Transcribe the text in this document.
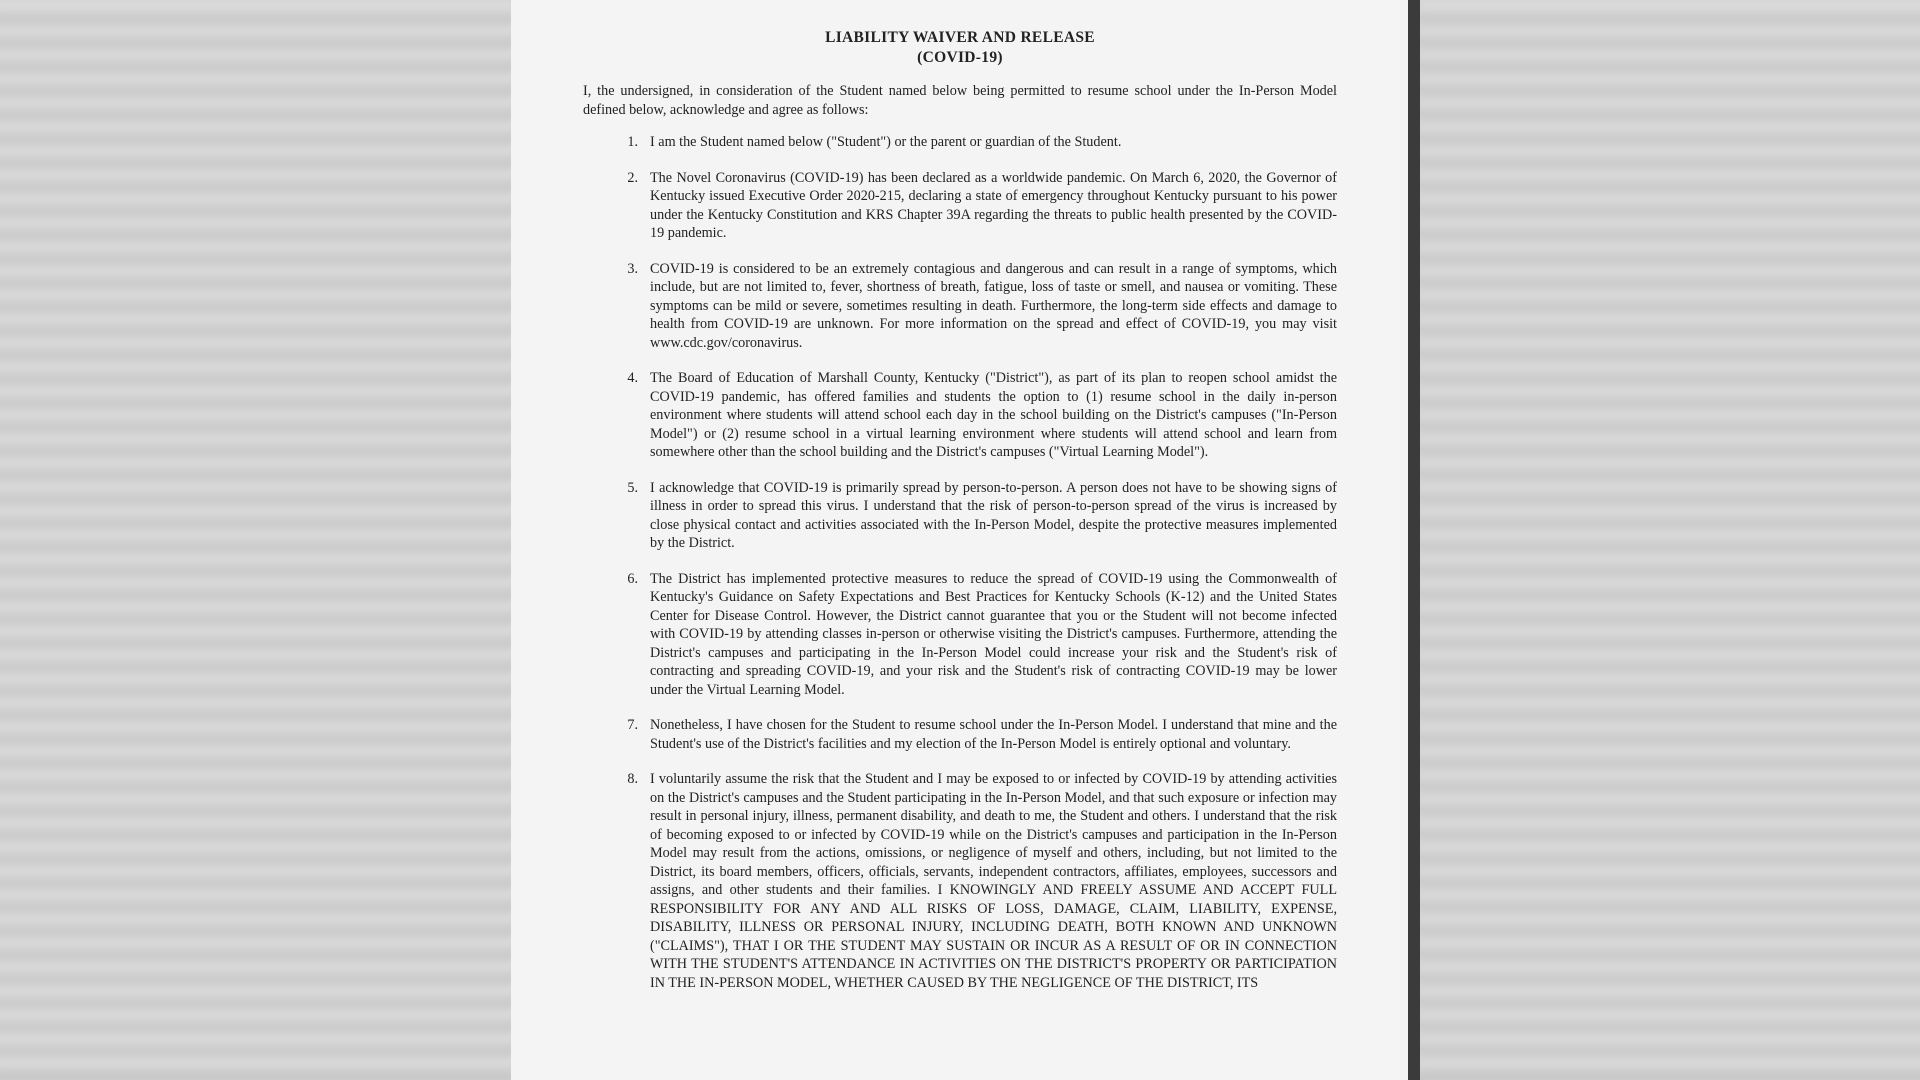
LIABILITY WAIVER AND RELEASE
(COVID-19)
I, the undersigned, in consideration of the Student named below being permitted to resume school under the In-Person Model defined below, acknowledge and agree as follows:
1. I am the Student named below ("Student") or the parent or guardian of the Student.
2. The Novel Coronavirus (COVID-19) has been declared as a worldwide pandemic. On March 6, 2020, the Governor of Kentucky issued Executive Order 2020-215, declaring a state of emergency throughout Kentucky pursuant to his power under the Kentucky Constitution and KRS Chapter 39A regarding the threats to public health presented by the COVID-19 pandemic.
3. COVID-19 is considered to be an extremely contagious and dangerous and can result in a range of symptoms, which include, but are not limited to, fever, shortness of breath, fatigue, loss of taste or smell, and nausea or vomiting. These symptoms can be mild or severe, sometimes resulting in death. Furthermore, the long-term side effects and damage to health from COVID-19 are unknown. For more information on the spread and effect of COVID-19, you may visit www.cdc.gov/coronavirus.
4. The Board of Education of Marshall County, Kentucky ("District"), as part of its plan to reopen school amidst the COVID-19 pandemic, has offered families and students the option to (1) resume school in the daily in-person environment where students will attend school each day in the school building on the District's campuses ("In-Person Model") or (2) resume school in a virtual learning environment where students will attend school and learn from somewhere other than the school building and the District's campuses ("Virtual Learning Model").
5. I acknowledge that COVID-19 is primarily spread by person-to-person. A person does not have to be showing signs of illness in order to spread this virus. I understand that the risk of person-to-person spread of the virus is increased by close physical contact and activities associated with the In-Person Model, despite the protective measures implemented by the District.
6. The District has implemented protective measures to reduce the spread of COVID-19 using the Commonwealth of Kentucky's Guidance on Safety Expectations and Best Practices for Kentucky Schools (K-12) and the United States Center for Disease Control. However, the District cannot guarantee that you or the Student will not become infected with COVID-19 by attending classes in-person or otherwise visiting the District's campuses. Furthermore, attending the District's campuses and participating in the In-Person Model could increase your risk and the Student's risk of contracting and spreading COVID-19, and your risk and the Student's risk of contracting COVID-19 may be lower under the Virtual Learning Model.
7. Nonetheless, I have chosen for the Student to resume school under the In-Person Model. I understand that mine and the Student's use of the District's facilities and my election of the In-Person Model is entirely optional and voluntary.
8. I voluntarily assume the risk that the Student and I may be exposed to or infected by COVID-19 by attending activities on the District's campuses and the Student participating in the In-Person Model, and that such exposure or infection may result in personal injury, illness, permanent disability, and death to me, the Student and others. I understand that the risk of becoming exposed to or infected by COVID-19 while on the District's campuses and participation in the In-Person Model may result from the actions, omissions, or negligence of myself and others, including, but not limited to the District, its board members, officers, officials, servants, independent contractors, affiliates, employees, successors and assigns, and other students and their families. I KNOWINGLY AND FREELY ASSUME AND ACCEPT FULL RESPONSIBILITY FOR ANY AND ALL RISKS OF LOSS, DAMAGE, CLAIM, LIABILITY, EXPENSE, DISABILITY, ILLNESS OR PERSONAL INJURY, INCLUDING DEATH, BOTH KNOWN AND UNKNOWN ("CLAIMS"), THAT I OR THE STUDENT MAY SUSTAIN OR INCUR AS A RESULT OF OR IN CONNECTION WITH THE STUDENT'S ATTENDANCE IN ACTIVITIES ON THE DISTRICT'S PROPERTY OR PARTICIPATION IN THE IN-PERSON MODEL, WHETHER CAUSED BY THE NEGLIGENCE OF THE DISTRICT, ITS
